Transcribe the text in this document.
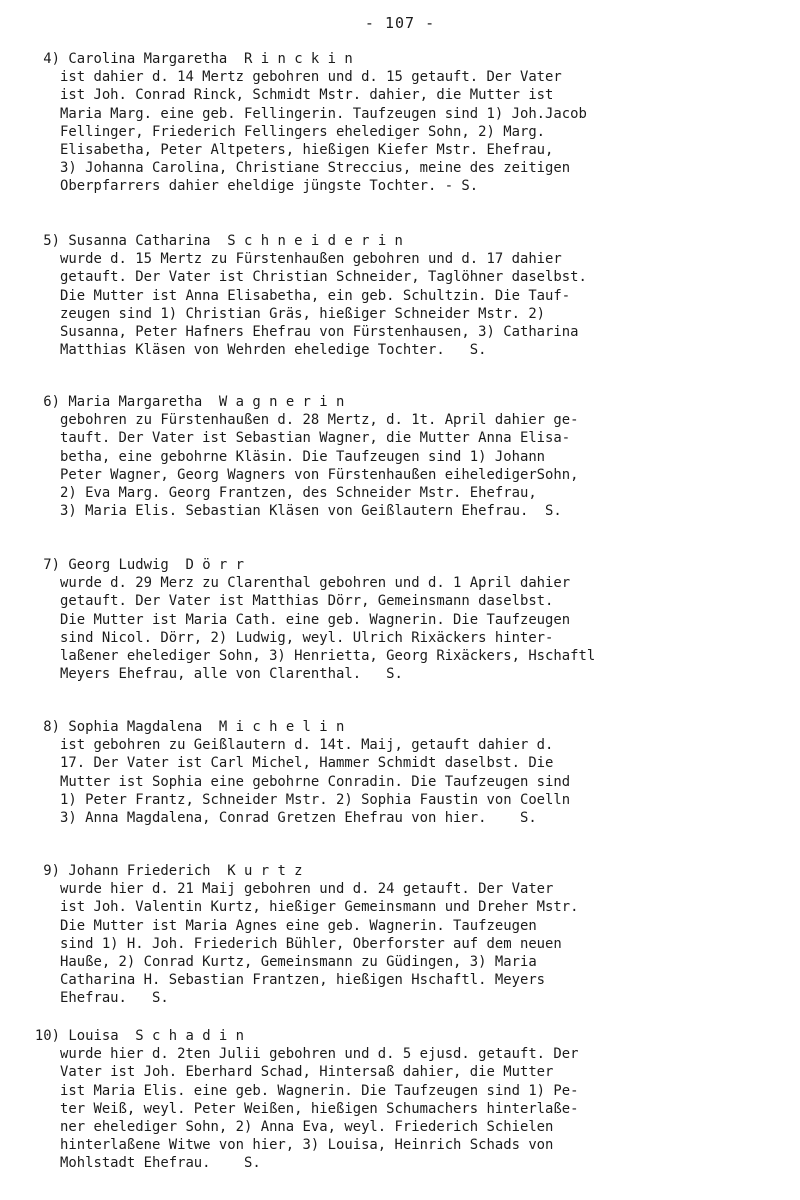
- 107 -
4) Carolina Margaretha R i n c k i n
ist dahier d. 14 Mertz gebohren und d. 15 getauft. Der Vater
ist Joh. Conrad Rinck, Schmidt Mstr. dahier, die Mutter ist
Maria Marg. eine geb. Fellingerin. Taufzeugen sind 1) Joh.Jacob
Fellinger, Friederich Fellingers ehelediger Sohn, 2) Marg.
Elisabetha, Peter Altpeters, hießigen Kiefer Mstr. Ehefrau,
3) Johanna Carolina, Christiane Streccius, meine des zeitigen
Oberpfarrers dahier eheldige jüngste Tochter. - S.
5) Susanna Catharina S c h n e i d e r i n
wurde d. 15 Mertz zu Fürstenhaußen gebohren und d. 17 dahier
getauft. Der Vater ist Christian Schneider, Taglöhner daselbst.
Die Mutter ist Anna Elisabetha, ein geb. Schultzin. Die Tauf-
zeugen sind 1) Christian Gräs, hießiger Schneider Mstr. 2)
Susanna, Peter Hafners Ehefrau von Fürstenhausen, 3) Catharina
Matthias Kläsen von Wehrden eheledige Tochter.   S.
6) Maria Margaretha W a g n e r i n
gebohren zu Fürstenhaußen d. 28 Mertz, d. 1t. April dahier ge-
tauft. Der Vater ist Sebastian Wagner, die Mutter Anna Elisa-
betha, eine gebohrne Kläsin. Die Taufzeugen sind 1) Johann
Peter Wagner, Georg Wagners von Fürstenhaußen eiheledigerSohn,
2) Eva Marg. Georg Frantzen, des Schneider Mstr. Ehefrau,
3) Maria Elis. Sebastian Kläsen von Geißlautern Ehefrau.  S.
7) Georg Ludwig D ö r r
wurde d. 29 Merz zu Clarenthal gebohren und d. 1 April dahier
getauft. Der Vater ist Matthias Dörr, Gemeinsmann daselbst.
Die Mutter ist Maria Cath. eine geb. Wagnerin. Die Taufzeugen
sind Nicol. Dörr, 2) Ludwig, weyl. Ulrich Rixäckers hinter-
laßener ehelediger Sohn, 3) Henrietta, Georg Rixäckers, Hschaftl
Meyers Ehefrau, alle von Clarenthal.   S.
8) Sophia Magdalena M i c h e l i n
ist gebohren zu Geißlautern d. 14t. Maij, getauft dahier d.
17. Der Vater ist Carl Michel, Hammer Schmidt daselbst. Die
Mutter ist Sophia eine gebohrne Conradin. Die Taufzeugen sind
1) Peter Frantz, Schneider Mstr. 2) Sophia Faustin von Coelln
3) Anna Magdalena, Conrad Gretzen Ehefrau von hier.    S.
9) Johann Friederich K u r t z
wurde hier d. 21 Maij gebohren und d. 24 getauft. Der Vater
ist Joh. Valentin Kurtz, hießiger Gemeinsmann und Dreher Mstr.
Die Mutter ist Maria Agnes eine geb. Wagnerin. Taufzeugen
sind 1) H. Joh. Friederich Bühler, Oberforster auf dem neuen
Hauße, 2) Conrad Kurtz, Gemeinsmann zu Güdingen, 3) Maria
Catharina H. Sebastian Frantzen, hießigen Hschaftl. Meyers
Ehefrau.   S.
10) Louisa S c h a d i n
wurde hier d. 2ten Julii gebohren und d. 5 ejusd. getauft. Der
Vater ist Joh. Eberhard Schad, Hintersaß dahier, die Mutter
ist Maria Elis. eine geb. Wagnerin. Die Taufzeugen sind 1) Pe-
ter Weiß, weyl. Peter Weißen, hießigen Schumachers hinterlaße-
ner ehelediger Sohn, 2) Anna Eva, weyl. Friederich Schielen
hinterlaßene Witwe von hier, 3) Louisa, Heinrich Schads von
Mohlstadt Ehefrau.    S.
